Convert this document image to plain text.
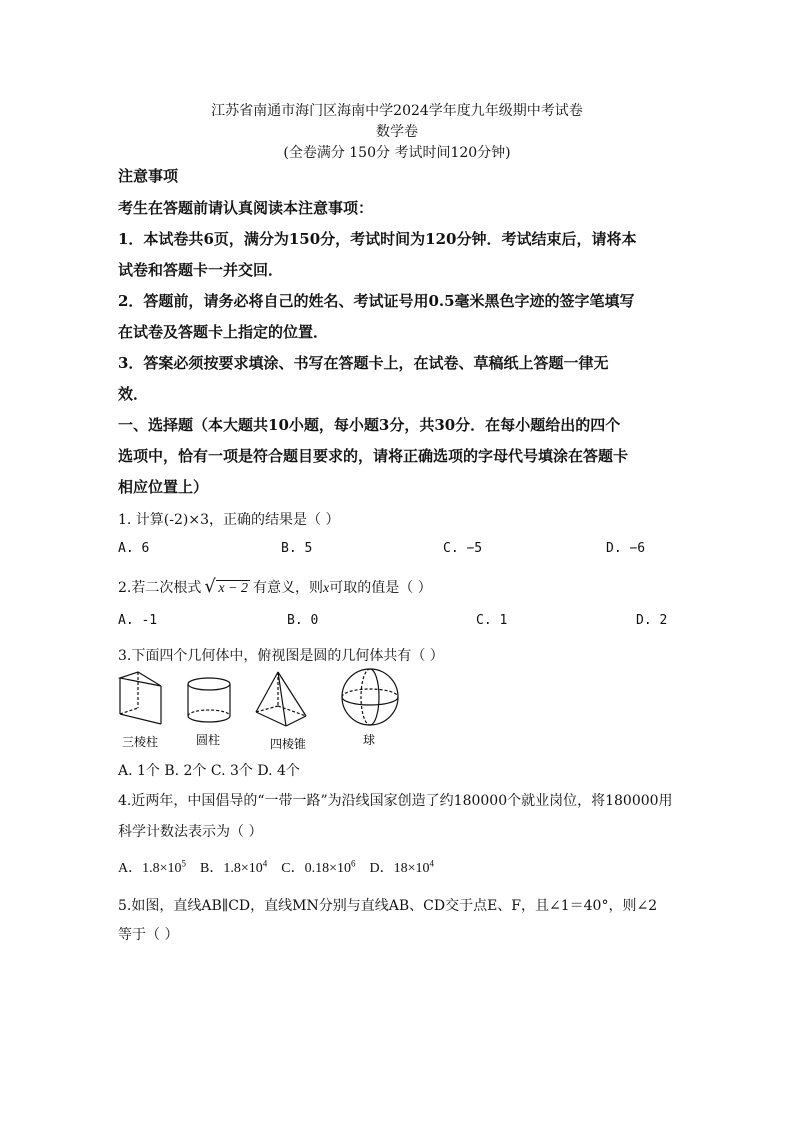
江苏省南通市海门区海南中学2024学年度九年级期中考试卷
数学卷
(全卷满分 150分 考试时间120分钟)
注意事项
考生在答题前请认真阅读本注意事项：
1．本试卷共6页，满分为150分，考试时间为120分钟．考试结束后，请将本
试卷和答题卡一并交回．
2．答题前，请务必将自己的姓名、考试证号用0.5毫米黑色字迹的签字笔填写
在试卷及答题卡上指定的位置．
3．答案必须按要求填涂、书写在答题卡上，在试卷、草稿纸上答题一律无
效．
一、选择题（本大题共10小题，每小题3分，共30分．在每小题给出的四个
选项中，恰有一项是符合题目要求的，请将正确选项的字母代号填涂在答题卡
相应位置上）
1. 计算(-2)×3，正确的结果是（ ）
A. 6	B. 5	C. −5	D. −6
2.若二次根式√ x − 2 有意义，则x可取的值是（ ）
A. -1	B. 0	C. 1	D. 2
3.下面四个几何体中，俯视图是圆的几何体共有（ ）
三棱柱	圆柱	四棱锥	球
A. 1个 B. 2个 C. 3个 D. 4个
4.近两年，中国倡导的“一带一路”为沿线国家创造了约180000个就业岗位，将180000用
科学计数法表示为（ ）
A．$1.8\times 10^5$ B．$1.8\times 10^4$ C．$0.18\times 10^6$ D．$18\times 10^4$
5.如图，直线AB∥CD，直线MN分别与直线AB、CD交于点E、F，且∠1＝40°，则∠2
等于（ ）
